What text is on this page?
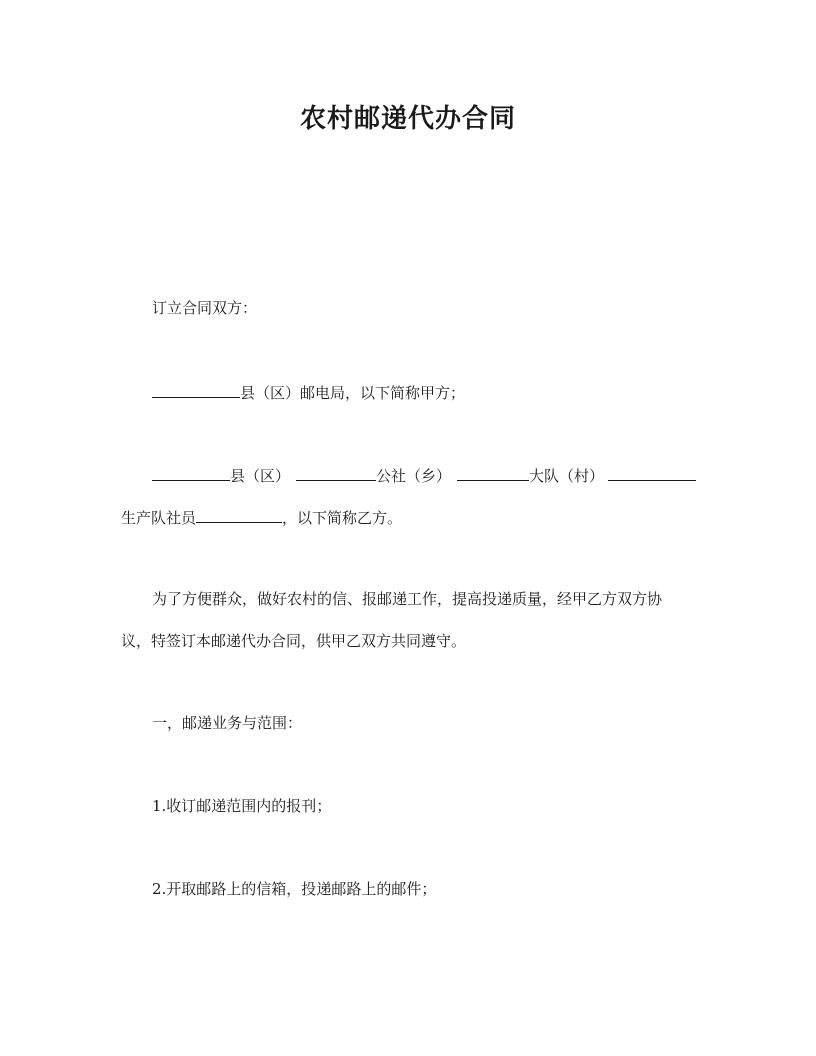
农村邮递代办合同
订立合同双方：
县（区）邮电局，以下简称甲方；
县（区）	公社（乡）	大队（村）
生产队社员	，以下简称乙方。
为了方便群众，做好农村的信、报邮递工作，提高投递质量，经甲乙方双方协
议，特签订本邮递代办合同，供甲乙双方共同遵守。
一，邮递业务与范围：
1.收订邮递范围内的报刊；
2.开取邮路上的信箱，投递邮路上的邮件；
